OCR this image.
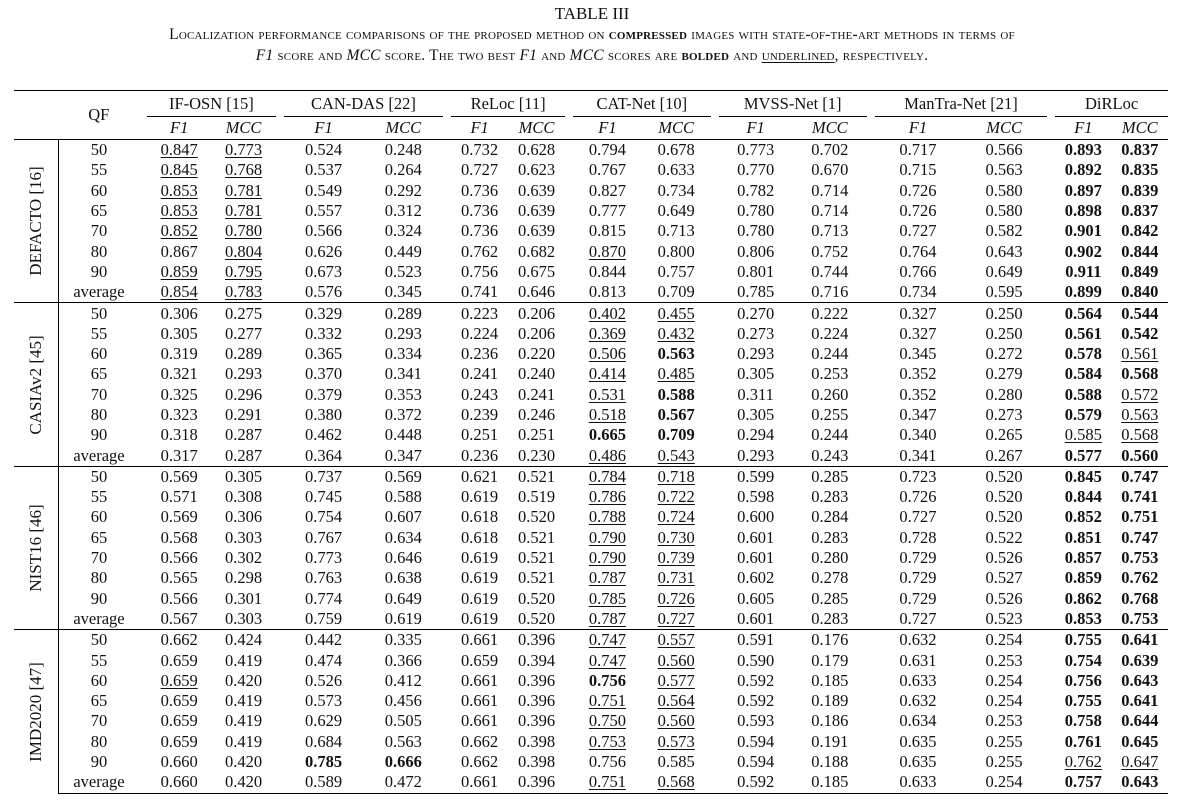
TABLE III
Localization performance comparisons of the proposed method on compressed images with state-of-the-art methods in terms of
F1 score and MCC score. The two best F1 and MCC scores are bolded and underlined, respectively.
	QF		IF-OSN [15]			CAN-DAS [22]			ReLoc [11]			CAT-Net [10]			MVSS-Net [1]			ManTra-Net [21]			DiRLoc	
			F1	MCC		F1	MCC		F1	MCC		F1	MCC		F1	MCC		F1	MCC		F1	MCC

DEFACTO [16]	50		0.847	0.773		0.524	0.248		0.732	0.628		0.794	0.678		0.773	0.702		0.717	0.566		0.893	0.837
	55		0.845	0.768		0.537	0.264		0.727	0.623		0.767	0.633		0.770	0.670		0.715	0.563		0.892	0.835
	60		0.853	0.781		0.549	0.292		0.736	0.639		0.827	0.734		0.782	0.714		0.726	0.580		0.897	0.839
	65		0.853	0.781		0.557	0.312		0.736	0.639		0.777	0.649		0.780	0.714		0.726	0.580		0.898	0.837
	70		0.852	0.780		0.566	0.324		0.736	0.639		0.815	0.713		0.780	0.713		0.727	0.582		0.901	0.842
	80		0.867	0.804		0.626	0.449		0.762	0.682		0.870	0.800		0.806	0.752		0.764	0.643		0.902	0.844
	90		0.859	0.795		0.673	0.523		0.756	0.675		0.844	0.757		0.801	0.744		0.766	0.649		0.911	0.849
	average		0.854	0.783		0.576	0.345		0.741	0.646		0.813	0.709		0.785	0.716		0.734	0.595		0.899	0.840

CASIAv2 [45]	50		0.306	0.275		0.329	0.289		0.223	0.206		0.402	0.455		0.270	0.222		0.327	0.250		0.564	0.544
	55		0.305	0.277		0.332	0.293		0.224	0.206		0.369	0.432		0.273	0.224		0.327	0.250		0.561	0.542
	60		0.319	0.289		0.365	0.334		0.236	0.220		0.506	0.563		0.293	0.244		0.345	0.272		0.578	0.561
	65		0.321	0.293		0.370	0.341		0.241	0.240		0.414	0.485		0.305	0.253		0.352	0.279		0.584	0.568
	70		0.325	0.296		0.379	0.353		0.243	0.241		0.531	0.588		0.311	0.260		0.352	0.280		0.588	0.572
	80		0.323	0.291		0.380	0.372		0.239	0.246		0.518	0.567		0.305	0.255		0.347	0.273		0.579	0.563
	90		0.318	0.287		0.462	0.448		0.251	0.251		0.665	0.709		0.294	0.244		0.340	0.265		0.585	0.568
	average		0.317	0.287		0.364	0.347		0.236	0.230		0.486	0.543		0.293	0.243		0.341	0.267		0.577	0.560

NIST16 [46]	50		0.569	0.305		0.737	0.569		0.621	0.521		0.784	0.718		0.599	0.285		0.723	0.520		0.845	0.747
	55		0.571	0.308		0.745	0.588		0.619	0.519		0.786	0.722		0.598	0.283		0.726	0.520		0.844	0.741
	60		0.569	0.306		0.754	0.607		0.618	0.520		0.788	0.724		0.600	0.284		0.727	0.520		0.852	0.751
	65		0.568	0.303		0.767	0.634		0.618	0.521		0.790	0.730		0.601	0.283		0.728	0.522		0.851	0.747
	70		0.566	0.302		0.773	0.646		0.619	0.521		0.790	0.739		0.601	0.280		0.729	0.526		0.857	0.753
	80		0.565	0.298		0.763	0.638		0.619	0.521		0.787	0.731		0.602	0.278		0.729	0.527		0.859	0.762
	90		0.566	0.301		0.774	0.649		0.619	0.520		0.785	0.726		0.605	0.285		0.729	0.526		0.862	0.768
	average		0.567	0.303		0.759	0.619		0.619	0.520		0.787	0.727		0.601	0.283		0.727	0.523		0.853	0.753

IMD2020 [47]	50		0.662	0.424		0.442	0.335		0.661	0.396		0.747	0.557		0.591	0.176		0.632	0.254		0.755	0.641
	55		0.659	0.419		0.474	0.366		0.659	0.394		0.747	0.560		0.590	0.179		0.631	0.253		0.754	0.639
	60		0.659	0.420		0.526	0.412		0.661	0.396		0.756	0.577		0.592	0.185		0.633	0.254		0.756	0.643
	65		0.659	0.419		0.573	0.456		0.661	0.396		0.751	0.564		0.592	0.189		0.632	0.254		0.755	0.641
	70		0.659	0.419		0.629	0.505		0.661	0.396		0.750	0.560		0.593	0.186		0.634	0.253		0.758	0.644
	80		0.659	0.419		0.684	0.563		0.662	0.398		0.753	0.573		0.594	0.191		0.635	0.255		0.761	0.645
	90		0.660	0.420		0.785	0.666		0.662	0.398		0.756	0.585		0.594	0.188		0.635	0.255		0.762	0.647
	average		0.660	0.420		0.589	0.472		0.661	0.396		0.751	0.568		0.592	0.185		0.633	0.254		0.757	0.643
